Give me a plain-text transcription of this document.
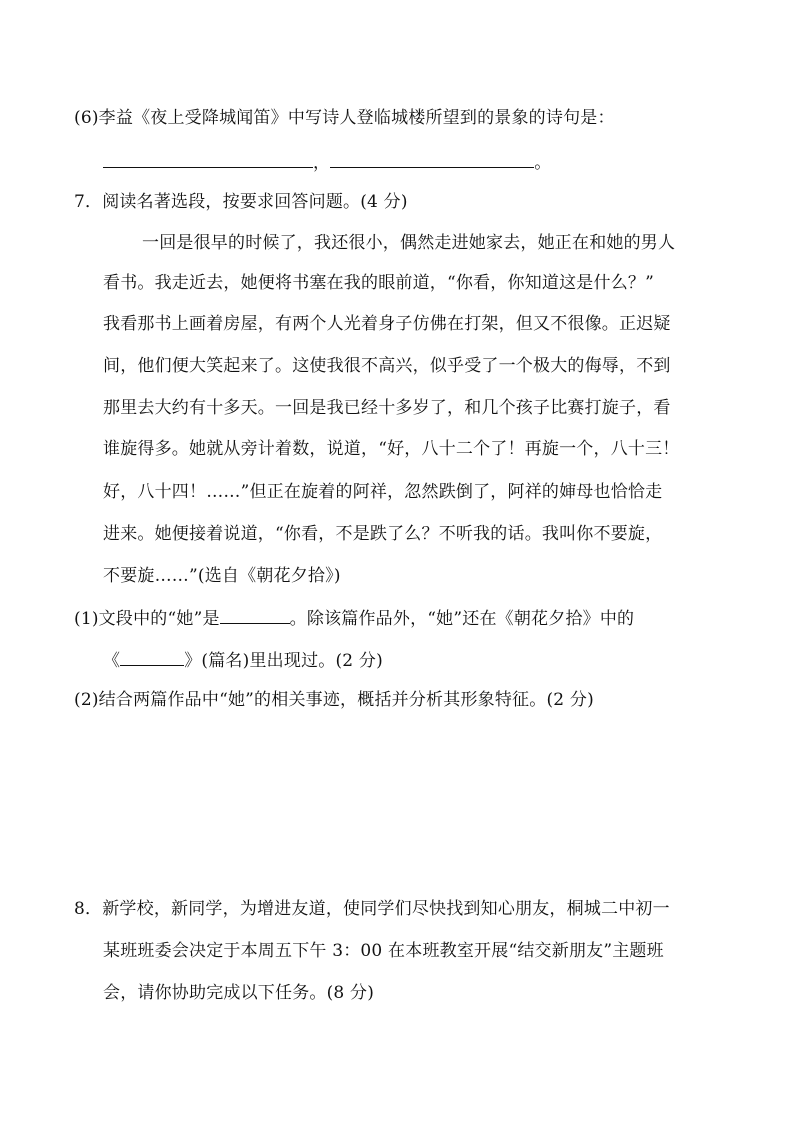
(6)李益《夜上受降城闻笛》中写诗人登临城楼所望到的景象的诗句是：
，	。
7．阅读名著选段，按要求回答问题。(4 分)
一回是很早的时候了，我还很小，偶然走进她家去，她正在和她的男人
看书。我走近去，她便将书塞在我的眼前道，“你看，你知道这是什么？”
我看那书上画着房屋，有两个人光着身子仿佛在打架，但又不很像。正迟疑
间，他们便大笑起来了。这使我很不高兴，似乎受了一个极大的侮辱，不到
那里去大约有十多天。一回是我已经十多岁了，和几个孩子比赛打旋子，看
谁旋得多。她就从旁计着数，说道，“好，八十二个了！再旋一个，八十三！
好，八十四！……”但正在旋着的阿祥，忽然跌倒了，阿祥的婶母也恰恰走
进来。她便接着说道，“你看，不是跌了么？不听我的话。我叫你不要旋，
不要旋……”(选自《朝花夕拾》)
(1)文段中的“她”是	。除该篇作品外，“她”还在《朝花夕拾》中的
《	》(篇名)里出现过。(2 分)
(2)结合两篇作品中“她”的相关事迹，概括并分析其形象特征。(2 分)
8．新学校，新同学，为增进友道，使同学们尽快找到知心朋友，桐城二中初一
某班班委会决定于本周五下午 3：00 在本班教室开展“结交新朋友”主题班
会，请你协助完成以下任务。(8 分)
